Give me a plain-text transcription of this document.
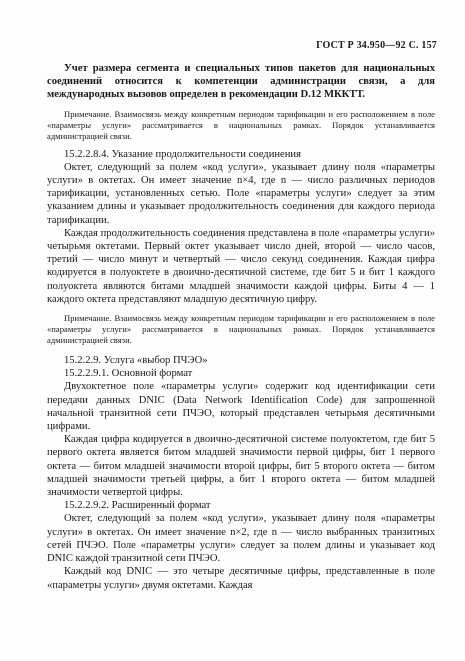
ГОСТ Р 34.950—92 С. 157

Учет размера сегмента и специальных типов пакетов для национальных соединений относится к компетенции администрации связи, а для международных вызовов определен в рекомендации D.12 МККТТ.

Примечание. Взаимосвязь между конкретным периодом тарификации и его расположением в поле «параметры услуги» рассматривается в национальных рамках. Порядок устанавливается администрацией связи.

15.2.2.8.4. Указание продолжительности соединения

Октет, следующий за полем «код услуги», указывает длину поля «параметры услуги» в октетах. Он имеет значение n×4, где n — число различных периодов тарификации, установленных сетью. Поле «параметры услуги» следует за этим указанием длины и указывает продолжительность соединения для каждого периода тарификации.

Каждая продолжительность соединения представлена в поле «параметры услуги» четырьмя октетами. Первый октет указывает число дней, второй — число часов, третий — число минут и четвертый — число секунд соединения. Каждая цифра кодируется в полуоктете в двоично-десятичной системе, где бит 5 и бит 1 каждого полуоктета являются битами младшей значимости каждой цифры. Биты 4 — 1 каждого октета представляют младшую десятичную цифру.

Примечание. Взаимосвязь между конкретным периодом тарификации и его расположением в поле «параметры услуги» рассматривается в национальных рамках. Порядок устанавливается администрацией связи.

15.2.2.9. Услуга «выбор ПЧЭО»

15.2.2.9.1. Основной формат

Двухоктетное поле «параметры услуги» содержит код идентификации сети передачи данных DNIC (Data Network Identification Code) для запрошенной начальной транзитной сети ПЧЭО, который представлен четырьмя десятичными цифрами.

Каждая цифра кодируется в двоично-десятичной системе полуоктетом, где бит 5 первого октета является битом младшей значимости первой цифры, бит 1 первого октета — битом младшей значимости второй цифры, бит 5 второго октета — битом младшей значимости третьей цифры, а бит 1 второго октета — битом младшей значимости четвертой цифры.

15.2.2.9.2. Расширенный формат

Октет, следующий за полем «код услуги», указывает длину поля «параметры услуги» в октетах. Он имеет значение n×2, где n — число выбранных транзитных сетей ПЧЭО. Поле «параметры услуги» следует за полем длины и указывает код DNIC каждой транзитной сети ПЧЭО.

Каждый код DNIC — это четыре десятичные цифры, представленные в поле «параметры услуги» двумя октетами. Каждая
